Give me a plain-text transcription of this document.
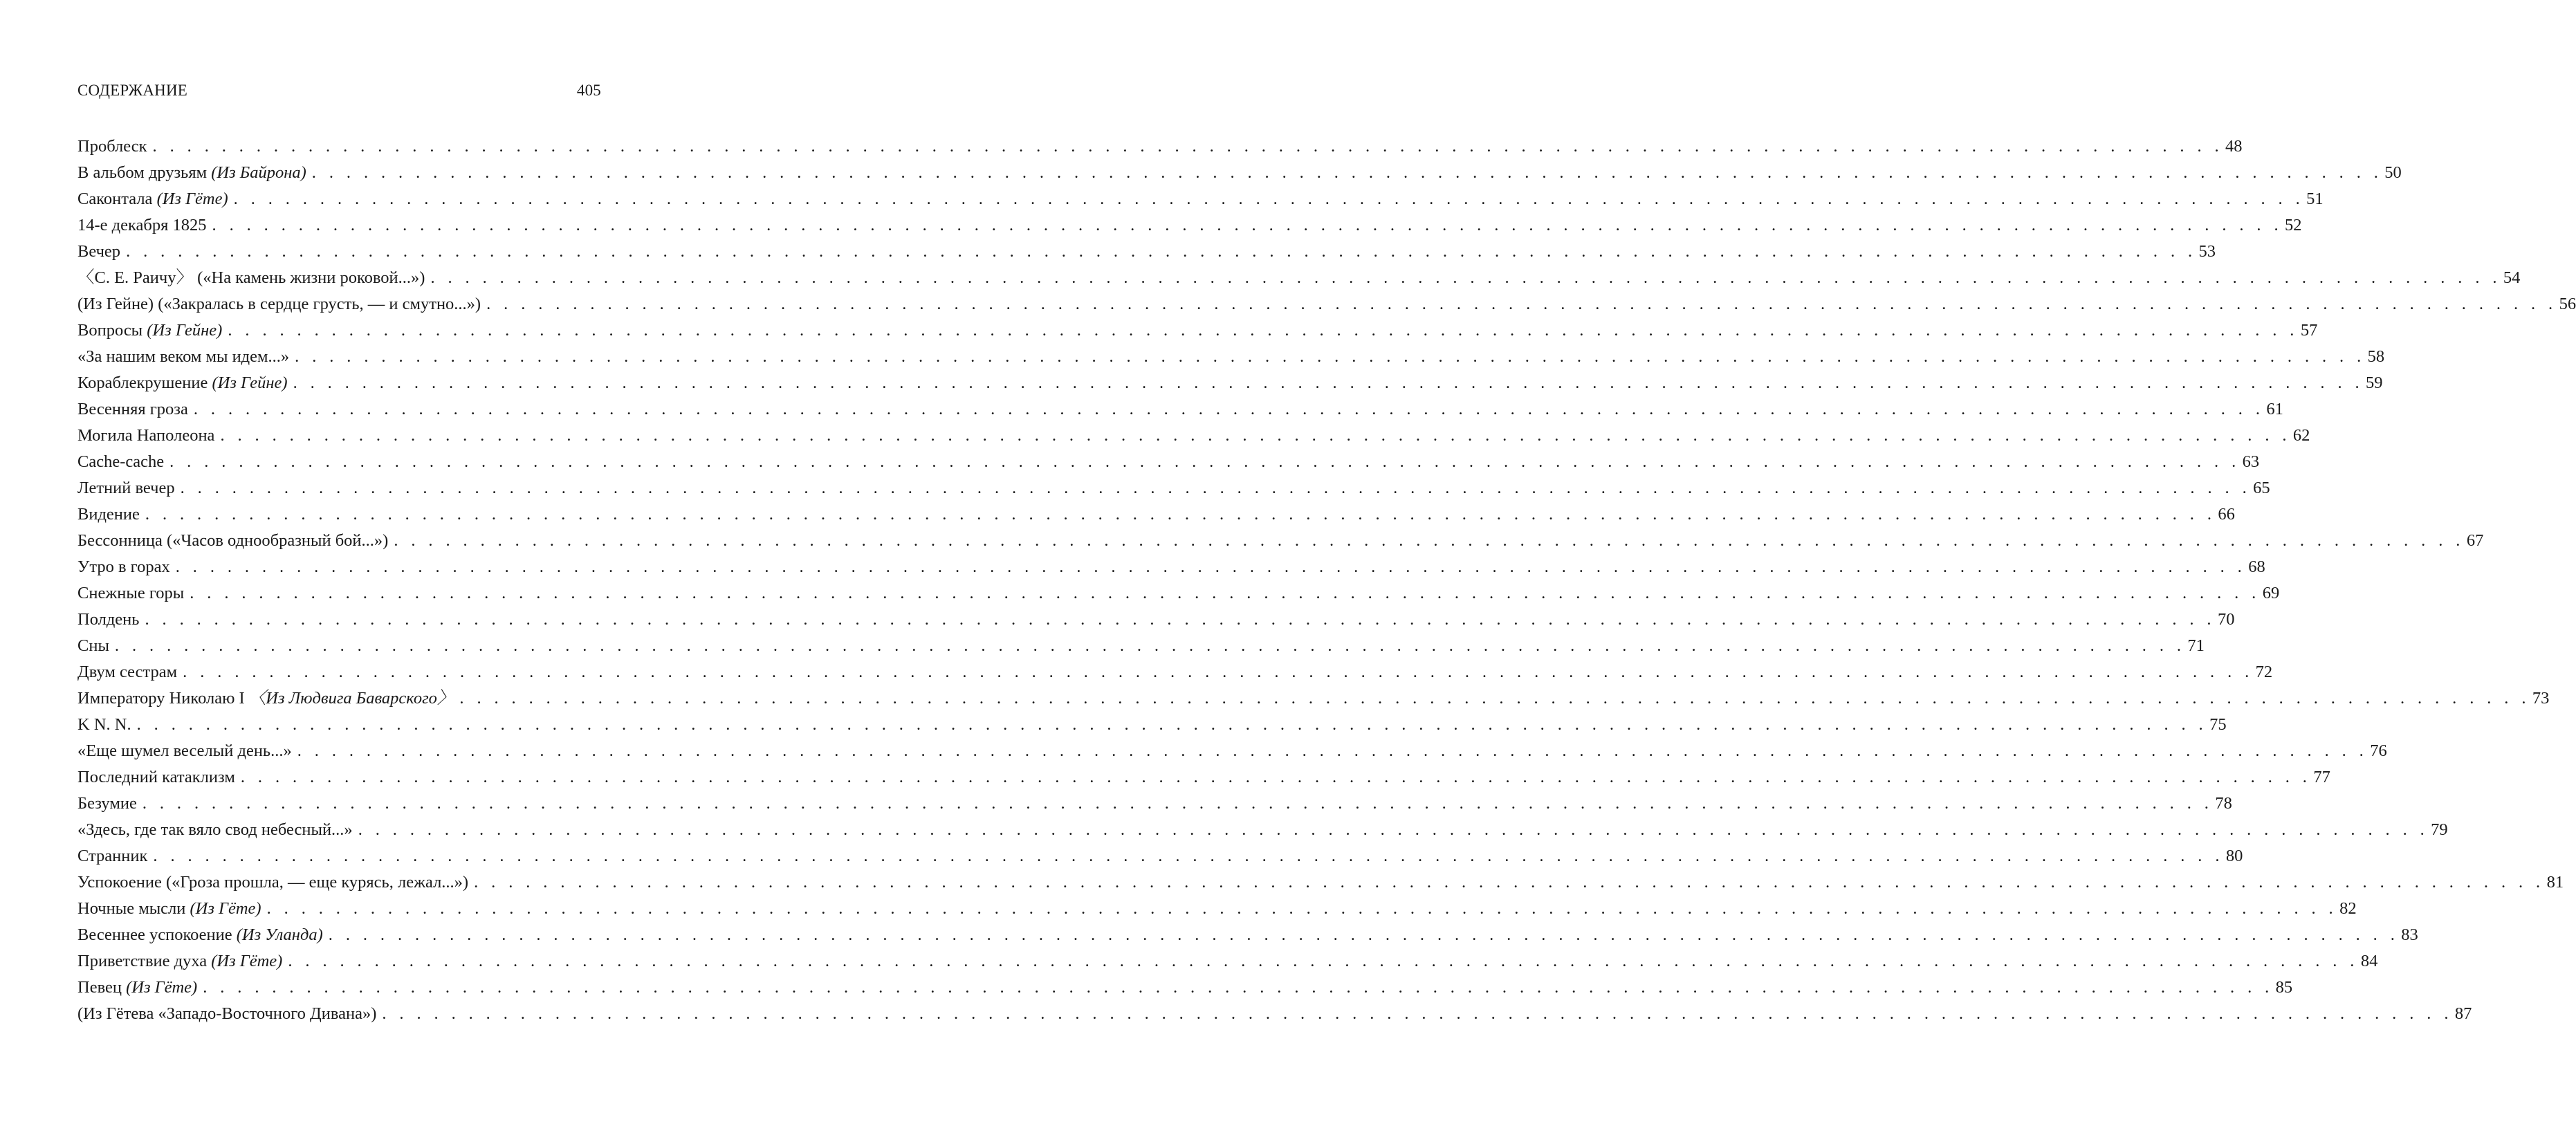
СОДЕРЖАНИЕ	405
Проблеск . . . . . . . . . . . . . . . . . . . . . . . . . . . . . . . . . . . . . . . . . . . . . . . . . . . . . . . . . . . . . . . . . . . . . . . . . . . . . . . . . . . . . . . . . . . . . . . . . . . . . . . . . . . . . . . . . . . . . . . . 48
В альбом друзьям (Из Байрона) . . . . . . . . . . . . . . . . . . . . . . . . . . . . . . . . . . . . . . . . . . . . . . . . . . . . . . . . . . . . . . . . . . . . . . . . . . . . . . . . . . . . . . . . . . . . . . . . . . . . . . . . . . . . . . . . . . . . . . . . 50
Саконтала (Из Гёте) . . . . . . . . . . . . . . . . . . . . . . . . . . . . . . . . . . . . . . . . . . . . . . . . . . . . . . . . . . . . . . . . . . . . . . . . . . . . . . . . . . . . . . . . . . . . . . . . . . . . . . . . . . . . . . . . . . . . . . . . 51
14-е декабря 1825 . . . . . . . . . . . . . . . . . . . . . . . . . . . . . . . . . . . . . . . . . . . . . . . . . . . . . . . . . . . . . . . . . . . . . . . . . . . . . . . . . . . . . . . . . . . . . . . . . . . . . . . . . . . . . . . . . . . . . . . . 52
Вечер . . . . . . . . . . . . . . . . . . . . . . . . . . . . . . . . . . . . . . . . . . . . . . . . . . . . . . . . . . . . . . . . . . . . . . . . . . . . . . . . . . . . . . . . . . . . . . . . . . . . . . . . . . . . . . . . . . . . . . . . 53
〈С. Е. Раичу〉 («На камень жизни роковой...») . . . . . . . . . . . . . . . . . . . . . . . . . . . . . . . . . . . . . . . . . . . . . . . . . . . . . . . . . . . . . . . . . . . . . . . . . . . . . . . . . . . . . . . . . . . . . . . . . . . . . . . . . . . . . . . . . . . . . . . . 54
(Из Гейне) («Закралась в сердце грусть, — и смутно...») . . . . . . . . . . . . . . . . . . . . . . . . . . . . . . . . . . . . . . . . . . . . . . . . . . . . . . . . . . . . . . . . . . . . . . . . . . . . . . . . . . . . . . . . . . . . . . . . . . . . . . . . . . . . . . . . . . . . . . . . 56
Вопросы (Из Гейне) . . . . . . . . . . . . . . . . . . . . . . . . . . . . . . . . . . . . . . . . . . . . . . . . . . . . . . . . . . . . . . . . . . . . . . . . . . . . . . . . . . . . . . . . . . . . . . . . . . . . . . . . . . . . . . . . . . . . . . . . 57
«За нашим веком мы идем...» . . . . . . . . . . . . . . . . . . . . . . . . . . . . . . . . . . . . . . . . . . . . . . . . . . . . . . . . . . . . . . . . . . . . . . . . . . . . . . . . . . . . . . . . . . . . . . . . . . . . . . . . . . . . . . . . . . . . . . . . 58
Кораблекрушение (Из Гейне) . . . . . . . . . . . . . . . . . . . . . . . . . . . . . . . . . . . . . . . . . . . . . . . . . . . . . . . . . . . . . . . . . . . . . . . . . . . . . . . . . . . . . . . . . . . . . . . . . . . . . . . . . . . . . . . . . . . . . . . . 59
Весенняя гроза . . . . . . . . . . . . . . . . . . . . . . . . . . . . . . . . . . . . . . . . . . . . . . . . . . . . . . . . . . . . . . . . . . . . . . . . . . . . . . . . . . . . . . . . . . . . . . . . . . . . . . . . . . . . . . . . . . . . . . . . 61
Могила Наполеона . . . . . . . . . . . . . . . . . . . . . . . . . . . . . . . . . . . . . . . . . . . . . . . . . . . . . . . . . . . . . . . . . . . . . . . . . . . . . . . . . . . . . . . . . . . . . . . . . . . . . . . . . . . . . . . . . . . . . . . . 62
Cache-cache . . . . . . . . . . . . . . . . . . . . . . . . . . . . . . . . . . . . . . . . . . . . . . . . . . . . . . . . . . . . . . . . . . . . . . . . . . . . . . . . . . . . . . . . . . . . . . . . . . . . . . . . . . . . . . . . . . . . . . . . 63
Летний вечер . . . . . . . . . . . . . . . . . . . . . . . . . . . . . . . . . . . . . . . . . . . . . . . . . . . . . . . . . . . . . . . . . . . . . . . . . . . . . . . . . . . . . . . . . . . . . . . . . . . . . . . . . . . . . . . . . . . . . . . . 65
Видение . . . . . . . . . . . . . . . . . . . . . . . . . . . . . . . . . . . . . . . . . . . . . . . . . . . . . . . . . . . . . . . . . . . . . . . . . . . . . . . . . . . . . . . . . . . . . . . . . . . . . . . . . . . . . . . . . . . . . . . . 66
Бессонница («Часов однообразный бой...») . . . . . . . . . . . . . . . . . . . . . . . . . . . . . . . . . . . . . . . . . . . . . . . . . . . . . . . . . . . . . . . . . . . . . . . . . . . . . . . . . . . . . . . . . . . . . . . . . . . . . . . . . . . . . . . . . . . . . . . . 67
Утро в горах . . . . . . . . . . . . . . . . . . . . . . . . . . . . . . . . . . . . . . . . . . . . . . . . . . . . . . . . . . . . . . . . . . . . . . . . . . . . . . . . . . . . . . . . . . . . . . . . . . . . . . . . . . . . . . . . . . . . . . . . 68
Снежные горы . . . . . . . . . . . . . . . . . . . . . . . . . . . . . . . . . . . . . . . . . . . . . . . . . . . . . . . . . . . . . . . . . . . . . . . . . . . . . . . . . . . . . . . . . . . . . . . . . . . . . . . . . . . . . . . . . . . . . . . . 69
Полдень . . . . . . . . . . . . . . . . . . . . . . . . . . . . . . . . . . . . . . . . . . . . . . . . . . . . . . . . . . . . . . . . . . . . . . . . . . . . . . . . . . . . . . . . . . . . . . . . . . . . . . . . . . . . . . . . . . . . . . . . 70
Сны . . . . . . . . . . . . . . . . . . . . . . . . . . . . . . . . . . . . . . . . . . . . . . . . . . . . . . . . . . . . . . . . . . . . . . . . . . . . . . . . . . . . . . . . . . . . . . . . . . . . . . . . . . . . . . . . . . . . . . . . 71
Двум сестрам . . . . . . . . . . . . . . . . . . . . . . . . . . . . . . . . . . . . . . . . . . . . . . . . . . . . . . . . . . . . . . . . . . . . . . . . . . . . . . . . . . . . . . . . . . . . . . . . . . . . . . . . . . . . . . . . . . . . . . . . 72
Императору Николаю I 〈Из Людвига Баварского〉 . . . . . . . . . . . . . . . . . . . . . . . . . . . . . . . . . . . . . . . . . . . . . . . . . . . . . . . . . . . . . . . . . . . . . . . . . . . . . . . . . . . . . . . . . . . . . . . . . . . . . . . . . . . . . . . . . . . . . . . . 73
K N. N. . . . . . . . . . . . . . . . . . . . . . . . . . . . . . . . . . . . . . . . . . . . . . . . . . . . . . . . . . . . . . . . . . . . . . . . . . . . . . . . . . . . . . . . . . . . . . . . . . . . . . . . . . . . . . . . . . . . . . . . . 75
«Еще шумел веселый день...» . . . . . . . . . . . . . . . . . . . . . . . . . . . . . . . . . . . . . . . . . . . . . . . . . . . . . . . . . . . . . . . . . . . . . . . . . . . . . . . . . . . . . . . . . . . . . . . . . . . . . . . . . . . . . . . . . . . . . . . . 76
Последний катаклизм . . . . . . . . . . . . . . . . . . . . . . . . . . . . . . . . . . . . . . . . . . . . . . . . . . . . . . . . . . . . . . . . . . . . . . . . . . . . . . . . . . . . . . . . . . . . . . . . . . . . . . . . . . . . . . . . . . . . . . . . 77
Безумие . . . . . . . . . . . . . . . . . . . . . . . . . . . . . . . . . . . . . . . . . . . . . . . . . . . . . . . . . . . . . . . . . . . . . . . . . . . . . . . . . . . . . . . . . . . . . . . . . . . . . . . . . . . . . . . . . . . . . . . . 78
«Здесь, где так вяло свод небесный...» . . . . . . . . . . . . . . . . . . . . . . . . . . . . . . . . . . . . . . . . . . . . . . . . . . . . . . . . . . . . . . . . . . . . . . . . . . . . . . . . . . . . . . . . . . . . . . . . . . . . . . . . . . . . . . . . . . . . . . . . 79
Странник . . . . . . . . . . . . . . . . . . . . . . . . . . . . . . . . . . . . . . . . . . . . . . . . . . . . . . . . . . . . . . . . . . . . . . . . . . . . . . . . . . . . . . . . . . . . . . . . . . . . . . . . . . . . . . . . . . . . . . . . 80
Успокоение («Гроза прошла, — еще курясь, лежал...») . . . . . . . . . . . . . . . . . . . . . . . . . . . . . . . . . . . . . . . . . . . . . . . . . . . . . . . . . . . . . . . . . . . . . . . . . . . . . . . . . . . . . . . . . . . . . . . . . . . . . . . . . . . . . . . . . . . . . . . . 81
Ночные мысли (Из Гёте) . . . . . . . . . . . . . . . . . . . . . . . . . . . . . . . . . . . . . . . . . . . . . . . . . . . . . . . . . . . . . . . . . . . . . . . . . . . . . . . . . . . . . . . . . . . . . . . . . . . . . . . . . . . . . . . . . . . . . . . . 82
Весеннее успокоение (Из Уланда) . . . . . . . . . . . . . . . . . . . . . . . . . . . . . . . . . . . . . . . . . . . . . . . . . . . . . . . . . . . . . . . . . . . . . . . . . . . . . . . . . . . . . . . . . . . . . . . . . . . . . . . . . . . . . . . . . . . . . . . . 83
Приветствие духа (Из Гёте) . . . . . . . . . . . . . . . . . . . . . . . . . . . . . . . . . . . . . . . . . . . . . . . . . . . . . . . . . . . . . . . . . . . . . . . . . . . . . . . . . . . . . . . . . . . . . . . . . . . . . . . . . . . . . . . . . . . . . . . . 84
Певец (Из Гёте) . . . . . . . . . . . . . . . . . . . . . . . . . . . . . . . . . . . . . . . . . . . . . . . . . . . . . . . . . . . . . . . . . . . . . . . . . . . . . . . . . . . . . . . . . . . . . . . . . . . . . . . . . . . . . . . . . . . . . . . . 85
(Из Гётева «Западо-Восточного Дивана») . . . . . . . . . . . . . . . . . . . . . . . . . . . . . . . . . . . . . . . . . . . . . . . . . . . . . . . . . . . . . . . . . . . . . . . . . . . . . . . . . . . . . . . . . . . . . . . . . . . . . . . . . . . . . . . . . . . . . . . . 87
